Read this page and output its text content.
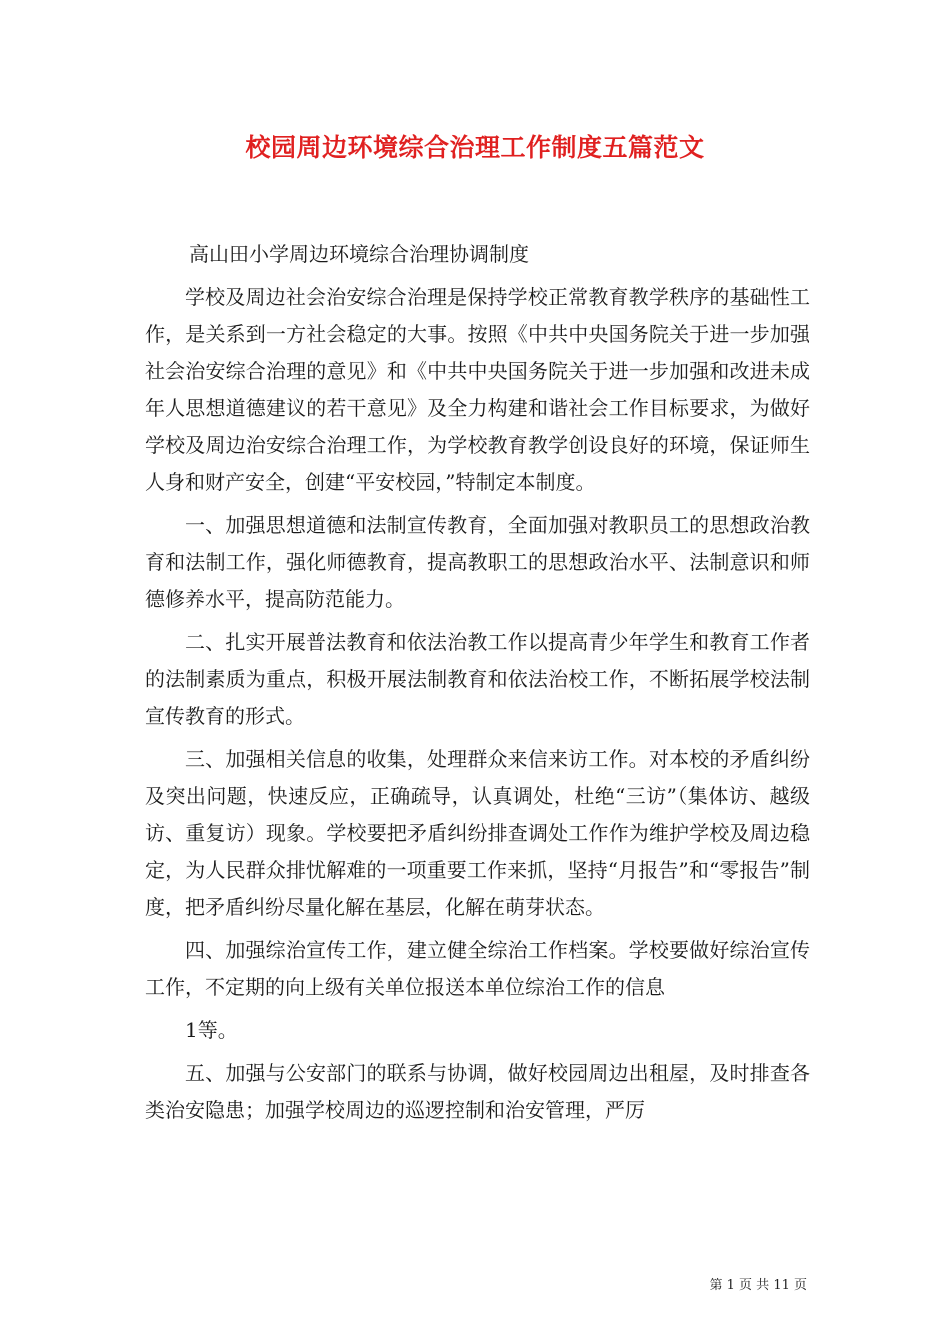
校园周边环境综合治理工作制度五篇范文

高山田小学周边环境综合治理协调制度

学校及周边社会治安综合治理是保持学校正常教育教学秩序的基础性工作，是关系到一方社会稳定的大事。按照《中共中央国务院关于进一步加强社会治安综合治理的意见》和《中共中央国务院关于进一步加强和改进未成年人思想道德建议的若干意见》及全力构建和谐社会工作目标要求，为做好学校及周边治安综合治理工作，为学校教育教学创设良好的环境，保证师生人身和财产安全，创建“平安校园，”特制定本制度。

一、加强思想道德和法制宣传教育，全面加强对教职员工的思想政治教育和法制工作，强化师德教育，提高教职工的思想政治水平、法制意识和师德修养水平，提高防范能力。

二、扎实开展普法教育和依法治教工作以提高青少年学生和教育工作者的法制素质为重点，积极开展法制教育和依法治校工作，不断拓展学校法制宣传教育的形式。

三、加强相关信息的收集，处理群众来信来访工作。对本校的矛盾纠纷及突出问题，快速反应，正确疏导，认真调处，杜绝“三访”（集体访、越级访、重复访）现象。学校要把矛盾纠纷排查调处工作作为维护学校及周边稳定，为人民群众排忧解难的一项重要工作来抓，坚持“月报告”和“零报告”制度，把矛盾纠纷尽量化解在基层，化解在萌芽状态。

四、加强综治宣传工作，建立健全综治工作档案。学校要做好综治宣传工作，不定期的向上级有关单位报送本单位综治工作的信息

1等。

五、加强与公安部门的联系与协调，做好校园周边出租屋，及时排查各类治安隐患；加强学校周边的巡逻控制和治安管理，严厉

第 1 页 共 11 页
